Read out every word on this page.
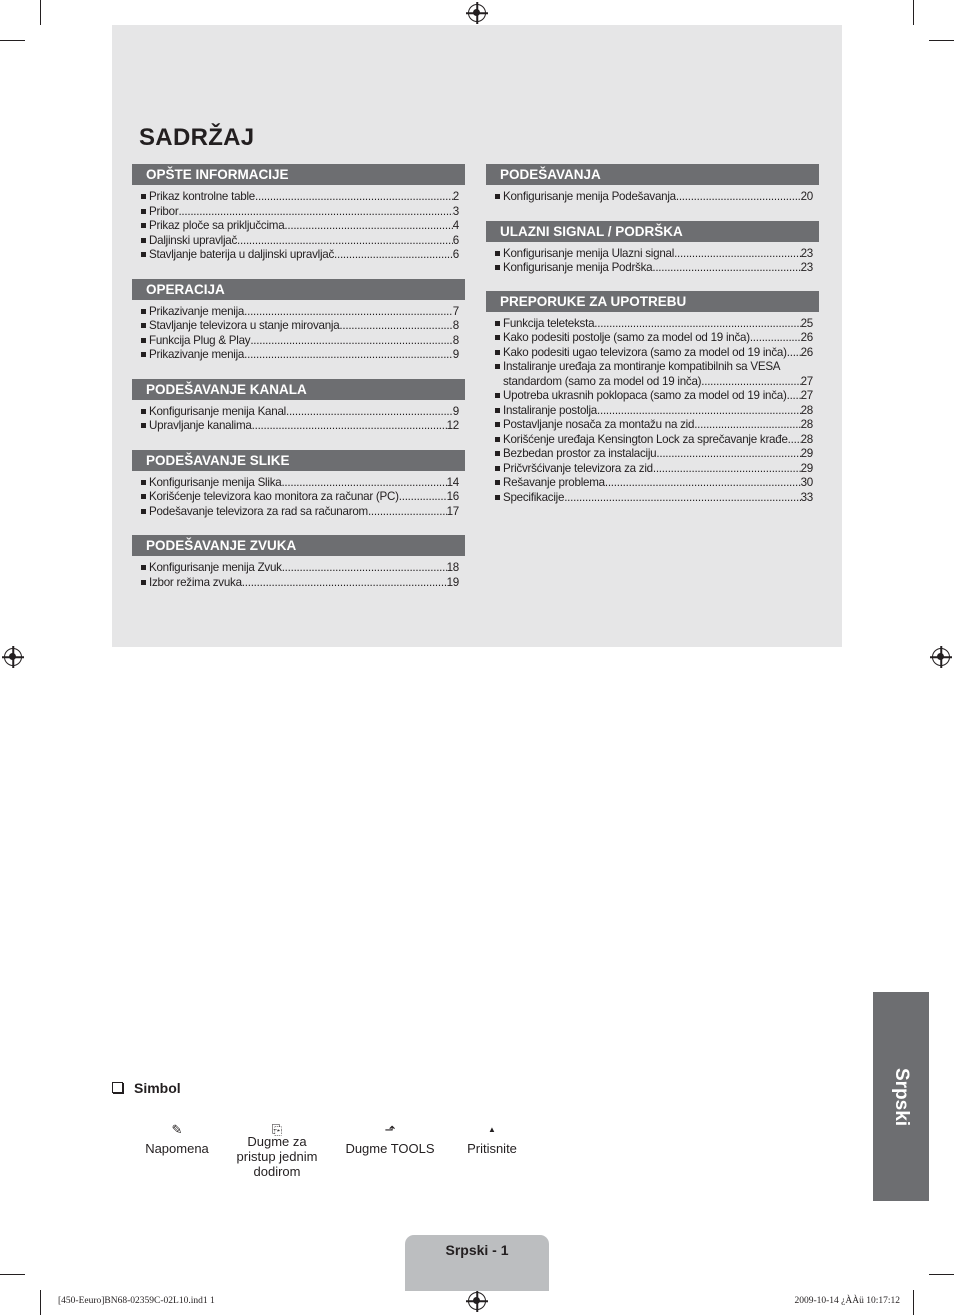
SADRŽAJ
OPŠTE INFORMACIJE
Prikaz kontrolne table .....	2
Pribor .....	3
Prikaz ploče sa priključcima .....	4
Daljinski upravljač .....	6
Stavljanje baterija u daljinski upravljač .....	6
OPERACIJA
Prikazivanje menija .....	7
Stavljanje televizora u stanje mirovanja .....	8
Funkcija Plug & Play .....	8
Prikazivanje menija .....	9
PODEŠAVANJE KANALA
Konfigurisanje menija Kanal .....	9
Upravljanje kanalima .....	12
PODEŠAVANJE SLIKE
Konfigurisanje menija Slika .....	14
Korišćenje televizora kao monitora za računar (PC) .....	16
Podešavanje televizora za rad sa računarom .....	17
PODEŠAVANJE ZVUKA
Konfigurisanje menija Zvuk .....	18
Izbor režima zvuka .....	19
PODEŠAVANJA
Konfigurisanje menija Podešavanja .....	20
ULAZNI SIGNAL / PODRŠKA
Konfigurisanje menija Ulazni signal .....	23
Konfigurisanje menija Podrška .....	23
PREPORUKE ZA UPOTREBU
Funkcija teleteksta .....	25
Kako podesiti postolje (samo za model od 19 inča) .....	26
Kako podesiti ugao televizora (samo za model od 19 inča) ..... 26
Instaliranje uređaja za montiranje kompatibilnih sa VESA
standardom (samo za model od 19 inča) .....	27
Upotreba ukrasnih poklopaca (samo za model od 19 inča) ..... 27
Instaliranje postolja .....	28
Postavljanje nosača za montažu na zid .....	28
Korišćenje uređaja Kensington Lock za sprečavanje krađe ..... 28
Bezbedan prostor za instalaciju .....	29
Pričvršćivanje televizora za zid .....	29
Rešavanje problema .....	30
Specifikacije .....	33
Simbol
✎
Napomena
⎘
Dugme za
pristup jednim
dodirom
⬏
Dugme TOOLS
▲
Pritisnite
Srpski
Srpski - 1
[450-Eeuro]BN68-02359C-02L10.ind1 1	2009-10-14 ¿ÀÀü 10:17:12
